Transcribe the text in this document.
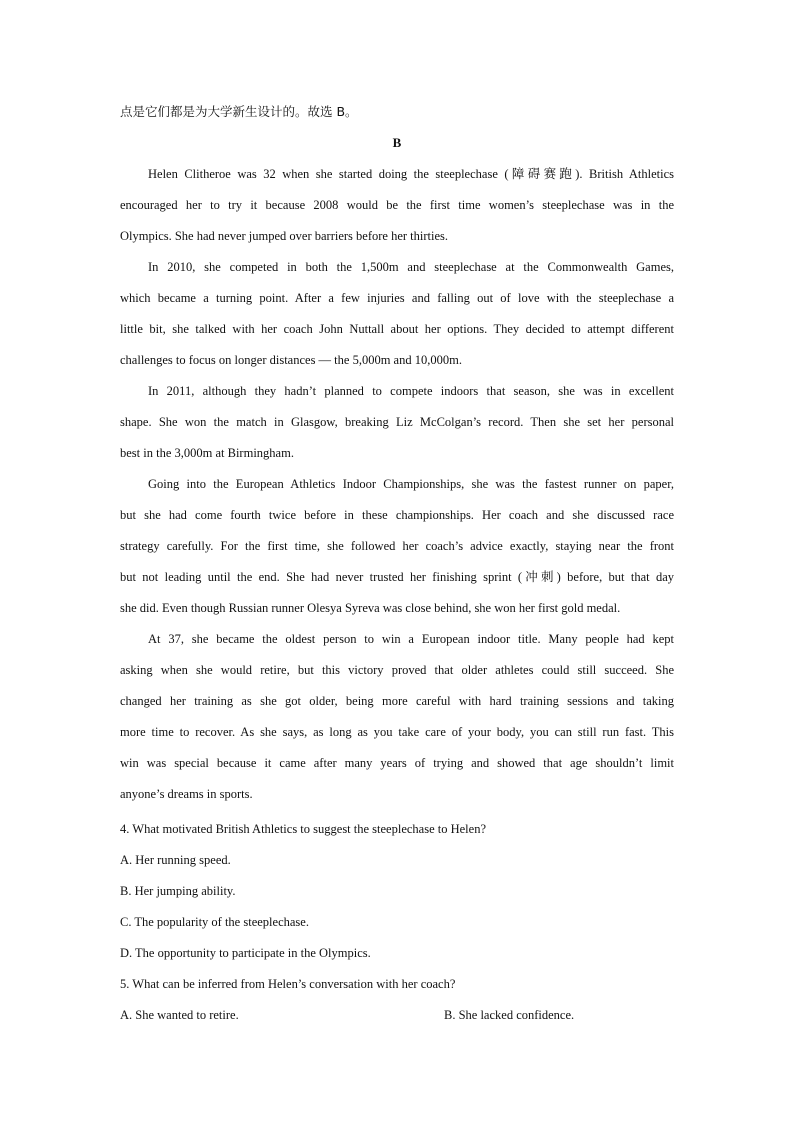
点是它们都是为大学新生设计的。故选 B。

B

Helen Clitheroe was 32 when she started doing the steeplechase (障碍赛跑). British Athletics

encouraged her to try it because 2008 would be the first time women’s steeplechase was in the

Olympics. She had never jumped over barriers before her thirties.

In 2010, she competed in both the 1,500m and steeplechase at the Commonwealth Games,

which became a turning point. After a few injuries and falling out of love with the steeplechase a

little bit, she talked with her coach John Nuttall about her options. They decided to attempt different

challenges to focus on longer distances — the 5,000m and 10,000m.

In 2011, although they hadn’t planned to compete indoors that season, she was in excellent

shape. She won the match in Glasgow, breaking Liz McColgan’s record. Then she set her personal

best in the 3,000m at Birmingham.

Going into the European Athletics Indoor Championships, she was the fastest runner on paper,

but she had come fourth twice before in these championships. Her coach and she discussed race

strategy carefully. For the first time, she followed her coach’s advice exactly, staying near the front

but not leading until the end. She had never trusted her finishing sprint (冲刺) before, but that day

she did. Even though Russian runner Olesya Syreva was close behind, she won her first gold medal.

At 37, she became the oldest person to win a European indoor title. Many people had kept

asking when she would retire, but this victory proved that older athletes could still succeed. She

changed her training as she got older, being more careful with hard training sessions and taking

more time to recover. As she says, as long as you take care of your body, you can still run fast. This

win was special because it came after many years of trying and showed that age shouldn’t limit

anyone’s dreams in sports.

4. What motivated British Athletics to suggest the steeplechase to Helen?

A. Her running speed.

B. Her jumping ability.

C. The popularity of the steeplechase.

D. The opportunity to participate in the Olympics.

5. What can be inferred from Helen’s conversation with her coach?

A. She wanted to retire.	B. She lacked confidence.
